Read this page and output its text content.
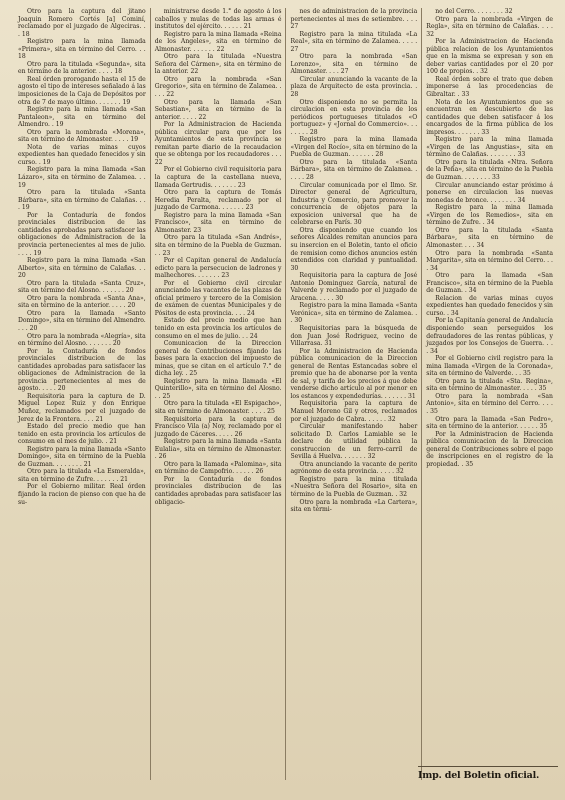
Otro para la captura del jitano Joaquin Romero Cortés [a] Cominí, reclamado por el juzgado de Algeciras. . . 18

Registro para la mina llamada «Primera», sita en término del Cerro. . . 18

Otro para la titulada «Segunda», sita en término de la anterior. . . . . 18

Real órden prorogando hasta el 15 de agosto el tipo de intereses señalado á las imposiciones de la Caja de Depósitos por otra de 7 de mayo último. . . . . . . 19

Registro para la mina llamada «San Pantaleon», sita en término del Almendro. . 19

Otro para la nombrada «Morena», sita en término de Almonaster. . . . . 19

Nota de varias minas cuyos expedientes han quedado fenecidos y sin curso. . 19

Registro para la mina llamada «San Lázaro», sita en término de Zalamea. . . 19

Otro para la titulada «Santa Bárbara», sita en término de Calañas. . . . 19

Por la Contaduría de fondos provinciales distribucion de las cantidades aprobadas para satisfacer las obligaciones de Administracion de la provincia pertenecientes al mes de julio. . . . . 19

Registro para la mina llamada «San Alberto», sita en término de Calañas. . . 20

Otro para la titulada «Santa Cruz», sita en término del Alosno. . . . . . . 20

Otro para la nombrada «Santa Ana», sita en término de la anterior. . . . . 20

Otro para la llamada «Santo Domingo», sita en término del Almendro. . . . 20

Otro para la nombrada «Alegría», sita en término del Alosno. . . . . . . 20

Por la Contaduría de fondos provinciales distribucion de las cantidades aprobadas para satisfacer las obligaciones de Administracion de la provincia pertenecientes al mes de agosto. . . . . 20

Requisitoria para la captura de D. Miguel Lopez Ruiz y don Enrique Muñoz, reclamados por el juzgado de Jerez de la Frontera. . . . 21

Estado del precio medio que han tenido en esta provincia los artículos de consumo en el mes de julio. . 21

Registro para la mina llamada «Santo Domingo», sita en término de la Puebla de Guzman. . . . . . . . 21

Otro para la titulada «La Esmeralda», sita en término de Zufre. . . . . . . 21

Por el Gobierno militar. Real órden fijando la racion de pienso con que ha de su-

ministrarse desde 1.° de agosto á los caballos y mulas de todas las armas é institutos del ejército. . . . . . 21

Registro para la mina llamada «Reina de los Angeles», sita en término de Almonaster. . . . . . . 22

Otro para la titulada «Nuestra Señora del Cármen», sita en término de la anterior. 22

Otro para la nombrada «San Gregorio», sita en término de Zalamea. . . . . 22

Otro para la llamada «San Sebastian», sita en término de la anterior. . . . . 22

Por la Administracion de Hacienda pública circular para que por los Ayuntamientos de esta provincia se remitan parte diario de la recaudacion que se obtenga por los recaudadores . . . 22

Por el Gobierno civil requisitoria para la captura de la castellana nueva, llamada Gertrudis. . . . . . . 23

Otro para la captura de Tomás Heredia Peralta, reclamado por el juzgado de Carmona. . . . . . . 23

Registro para la mina llamada «San Francisco», sita en término de Almonaster. 23

Otro para la titulada «San Andrés», sita en término de la Puebla de Guzman. . . 23

Por el Capitan general de Andalucía edicto para la persecucion de ladrones y malhechores. . . . . . . 23

Por el Gobierno civil circular anunciando las vacantes de las plazas de oficial primero y tercero de la Comision de exámen de cuentas Municipales y de Pósitos de esta provincia. . . . 24

Estado del precio medio que han tenido en esta provincia los artículos de consumo en el mes de julio. . . 24

Comunicacion de la Direccion general de Contribuciones fijando las bases para la exaccion del impuesto de minas, que se citan en el artículo 7.° de dicha ley. . 25

Registro para la mina llamada «El Quinterillo», sita en término del Alosno. . . 25

Otro para la titulada «El Espigacho», sita en término de Almonaster. . . . . 25

Requisitoria para la captura de Francisco Vila (a) Noy, reclamado por el juzgado de Cáceres. . . . . 26

Registro para la mina llamada «Santa Eulalia», sita en término de Almonaster. . 26

Otro para la llamada «Palomina», sita en término de Campofrio. . . . . . 26

Por la Contaduría de fondos provinciales distribucion de las cantidades aprobadas para satisfacer las obligacio-

nes de administracion de la provincia pertenecientes al mes de setiembre. . . . 27

Registro para la mina titulada «La Real», sita en término de Zalamea. . . . . 27

Otro para la nombrada «San Lorenzo», sita en término de Almonaster. . . . 27

Circular anunciando la vacante de la plaza de Arquitecto de esta provincia. . 28

Otro disponiendo no se permita la circulacion en esta provincia de los periódicos portugueses titulados «O portuguez» y «Jornal do Commercio». . . . . . . . 28

Registro para la mina llamada «Virgen del Rocío», sita en término de la Puebla de Guzman. . . . . . . 28

Otro para la titulada «Santa Bárbara», sita en término de Zalamea. . . . . . 28

Circular comunicada por el Ilmo. Sr. Director general de Agricultura, Industria y Comercio, para promover la concurrencia de objetos para la exposicion universal que ha de celebrarse en París. 30

Otra disponiendo que cuando los señores Alcaldes remitan anuncios para su insercion en el Boletin, tanto el oficio de remision como dichos anuncios estén extendidos con claridad y puntualidad. 30

Requisitoria para la captura de José Antonio Dominguez García, natural de Valverde y reclamado por el juzgado de Aracena. . . . . 30

Registro para la mina llamada «Santa Verónica», sita en término de Zalamea. . . 30

Requisitorias para la búsqueda de don Juan José Rodriguez, vecino de Villarrasa. 31

Por la Administracion de Hacienda pública comunicacion de la Direccion general de Rentas Estancadas sobre el premio que ha de abonarse por la venta de sal, y tarifa de los precios á que debe venderse dicho artículo al por menor en los estancos y expendedurías. . . . . . . 31

Requisitoria para la captura de Manuel Moreno Gil y otros, reclamados por el juzgado de Cabra. . . . . . 32

Circular manifestando haber solicitado D. Carlos Lamiable se le declare de utilidad pública la construccion de un ferro-carril de Sevilla á Huelva. . . . . . . 32

Otra anunciando la vacante de perito agrónomo de esta provincia. . . . . 32

Registro para la mina titulada «Nuestra Señora del Rosario», sita en término de la Puebla de Guzman. . 32

Otro para la nombrada «La Cartera», sita en térmi-

no del Cerro. . . . . . . . 32

Otro para la nombrada «Virgen de Regla», sita en término de Calañas. . . . 32

Por la Administracion de Hacienda pública relacion de los Ayuntamientos que en la misma se expresan y son en deber varias cantidades por el 20 por 100 de propios. . 32

Real órden sobre el trato que deben imponerse á las procedencias de Gibraltar. . 33

Nota de los Ayuntamientos que se encuentran en descubierto de las cantidades que deben satisfacer á los encargados de la firma pública de los impresos. . . . . . . 33

Registro para la mina llamada «Virgen de las Angustias», sita en término de Calañas. . . . . . . . 33

Otro para la titulada «Ntra. Señora de la Peña», sita en término de la Puebla de Guzman. . . . . . . . 33

Circular anunciando estar próximo á ponerse en circulacion las nuevas monedas de bronce. . . . . . . . 34

Registro para la mina llamada «Virgen de los Remedios», sita en término de Zufre. . 34

Otro para la titulada «Santa Bárbara», sita en término de Almonaster. . . . 34

Otro para la nombrada «Santa Margarita», sita en término del Cerro. . . . 34

Otro para la llamada «San Francisco», sita en término de la Puebla de Guzman. . 34

Relacion de varias minas cuyos expedientes han quedado fenecidos y sin curso. . 34

Por la Capitanía general de Andalucía disponiendo sean perseguidos los defraudadores de las rentas públicas, y juzgados por los Consejos de Guerra. . . . 34

Por el Gobierno civil registro para la mina llamada «Virgen de la Coronada», sita en término de Valverde. . . 35

Otro para la titulada «Sta. Regina», sita en término de Almonaster. . . . . 35

Otro para la nombrada «San Antonio», sita en término del Cerro. . . . . 35

Otro para la llamada «San Pedro», sita en término de la anterior. . . . . . 35

Por la Administracion de Hacienda pública comunicacion de la Direccion general de Contribuciones sobre el pago de inscripciones en el registro de la propiedad. . 35

Imp. del Boletin oficial.
